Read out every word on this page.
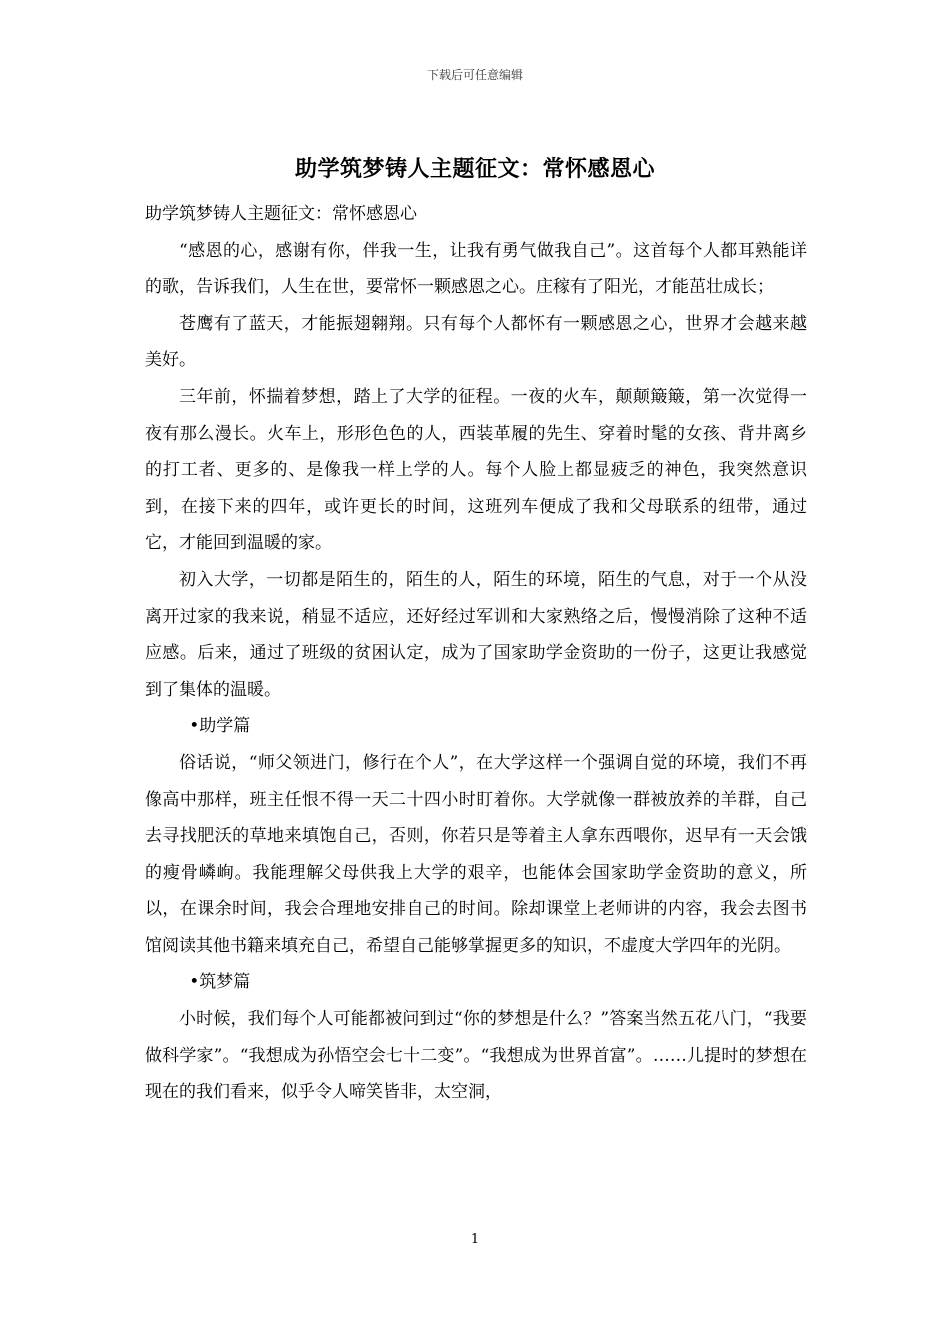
下载后可任意编辑
助学筑梦铸人主题征文：常怀感恩心

助学筑梦铸人主题征文：常怀感恩心

“感恩的心，感谢有你，伴我一生，让我有勇气做我自己”。这首每个人都耳熟能详的歌，告诉我们，人生在世，要常怀一颗感恩之心。庄稼有了阳光，才能茁壮成长；

苍鹰有了蓝天，才能振翅翱翔。只有每个人都怀有一颗感恩之心，世界才会越来越美好。

三年前，怀揣着梦想，踏上了大学的征程。一夜的火车，颠颠簸簸，第一次觉得一夜有那么漫长。火车上，形形色色的人，西装革履的先生、穿着时髦的女孩、背井离乡的打工者、更多的、是像我一样上学的人。每个人脸上都显疲乏的神色，我突然意识到，在接下来的四年，或许更长的时间，这班列车便成了我和父母联系的纽带，通过它，才能回到温暖的家。

初入大学，一切都是陌生的，陌生的人，陌生的环境，陌生的气息，对于一个从没离开过家的我来说，稍显不适应，还好经过军训和大家熟络之后，慢慢消除了这种不适应感。后来，通过了班级的贫困认定，成为了国家助学金资助的一份子，这更让我感觉到了集体的温暖。

•助学篇

俗话说，“师父领进门，修行在个人”，在大学这样一个强调自觉的环境，我们不再像高中那样，班主任恨不得一天二十四小时盯着你。大学就像一群被放养的羊群，自己去寻找肥沃的草地来填饱自己，否则，你若只是等着主人拿东西喂你，迟早有一天会饿的瘦骨嶙峋。我能理解父母供我上大学的艰辛，也能体会国家助学金资助的意义，所以，在课余时间，我会合理地安排自己的时间。除却课堂上老师讲的内容，我会去图书馆阅读其他书籍来填充自己，希望自己能够掌握更多的知识，不虚度大学四年的光阴。

•筑梦篇

小时候，我们每个人可能都被问到过“你的梦想是什么？”答案当然五花八门，“我要做科学家”。“我想成为孙悟空会七十二变”。“我想成为世界首富”。……儿提时的梦想在现在的我们看来，似乎令人啼笑皆非，太空洞，

1
